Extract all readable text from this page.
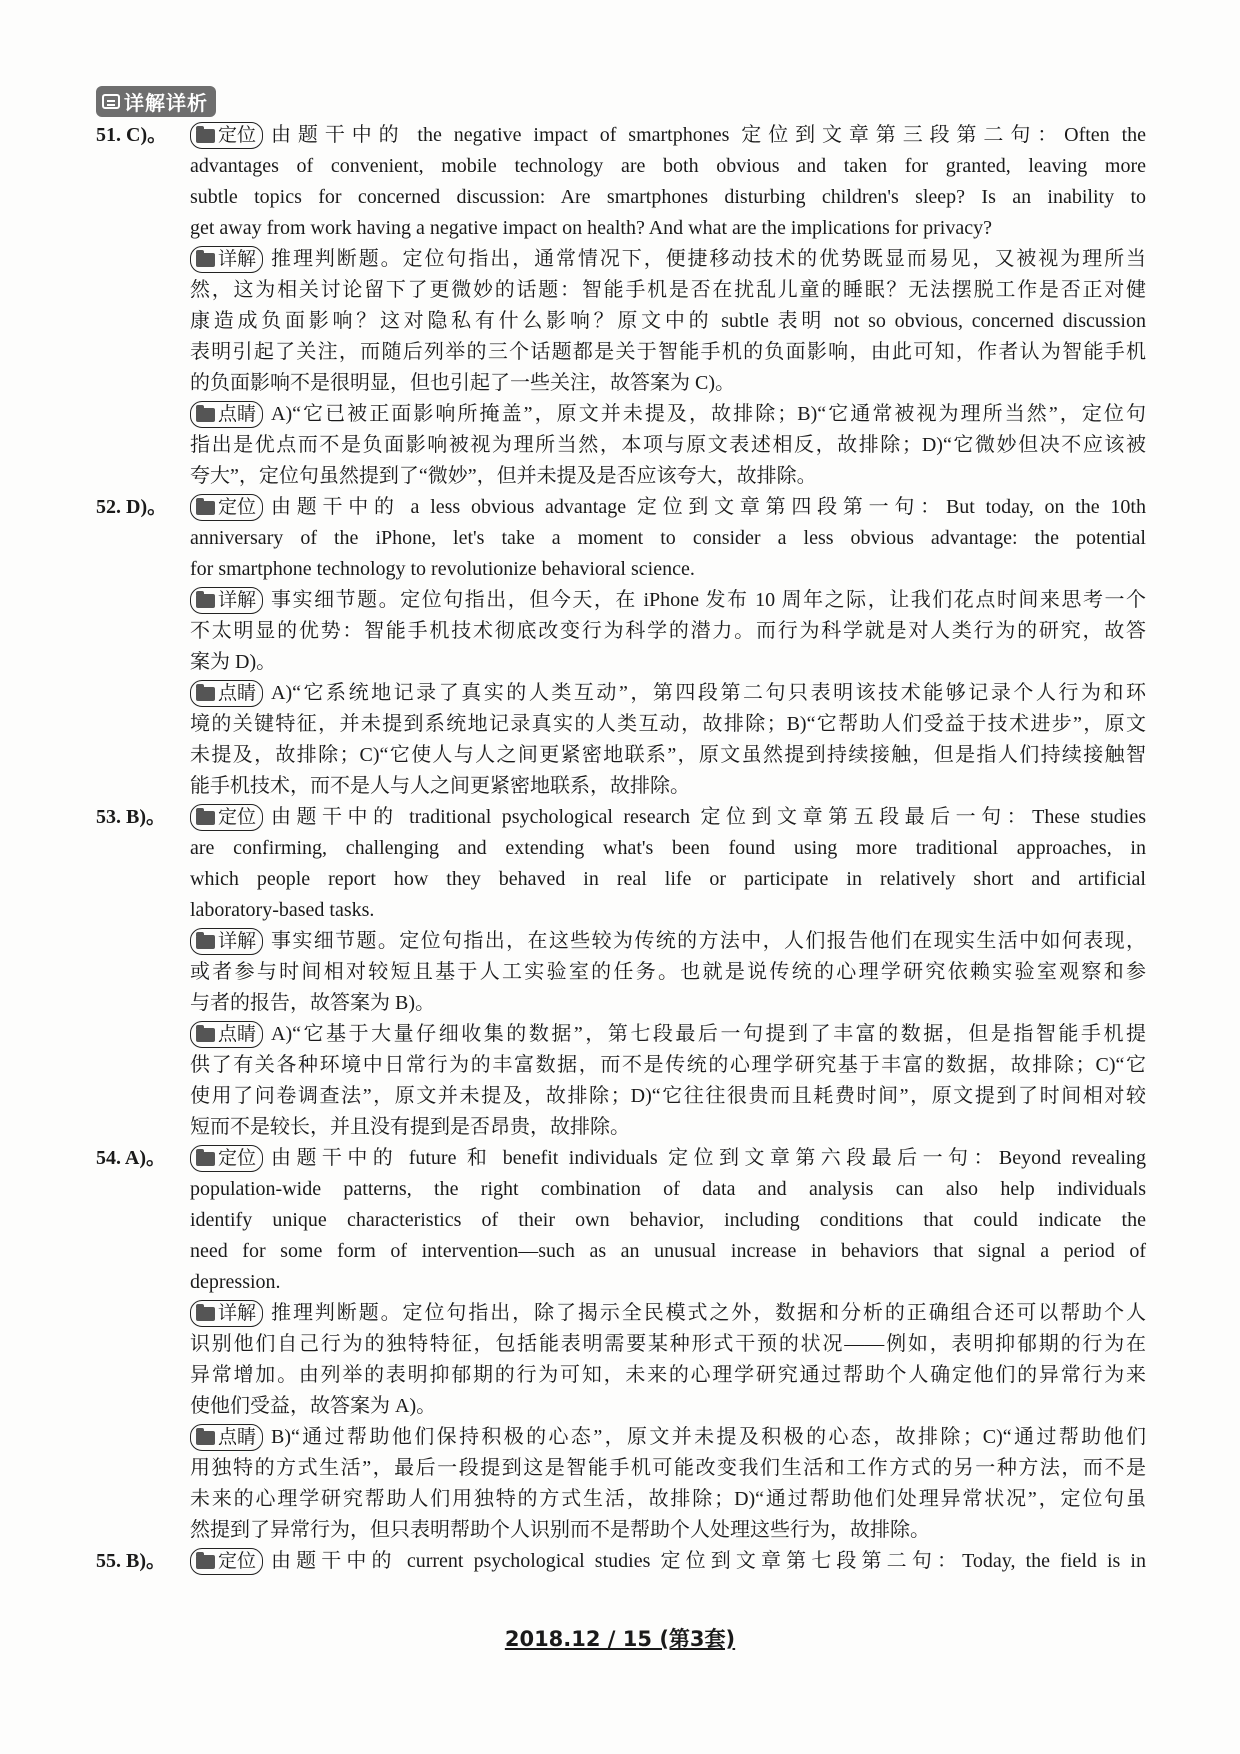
详解详析
51. C)。	定位 由题干中的 the negative impact of smartphones 定位到文章第三段第二句：Often the
advantages of convenient, mobile technology are both obvious and taken for granted, leaving more
subtle topics for concerned discussion: Are smartphones disturbing children's sleep? Is an inability to
get away from work having a negative impact on health? And what are the implications for privacy?
详解 推理判断题。定位句指出，通常情况下，便捷移动技术的优势既显而易见，又被视为理所当
然，这为相关讨论留下了更微妙的话题：智能手机是否在扰乱儿童的睡眠？无法摆脱工作是否正对健
康造成负面影响？这对隐私有什么影响？原文中的 subtle 表明 not so obvious, concerned discussion
表明引起了关注，而随后列举的三个话题都是关于智能手机的负面影响，由此可知，作者认为智能手机
的负面影响不是很明显，但也引起了一些关注，故答案为 C)。
点睛 A)“它已被正面影响所掩盖”，原文并未提及，故排除；B)“它通常被视为理所当然”，定位句
指出是优点而不是负面影响被视为理所当然，本项与原文表述相反，故排除；D)“它微妙但决不应该被
夸大”，定位句虽然提到了“微妙”，但并未提及是否应该夸大，故排除。
52. D)。	定位 由题干中的 a less obvious advantage 定位到文章第四段第一句：But today, on the 10th
anniversary of the iPhone, let's take a moment to consider a less obvious advantage: the potential
for smartphone technology to revolutionize behavioral science.
详解 事实细节题。定位句指出，但今天，在 iPhone 发布 10 周年之际，让我们花点时间来思考一个
不太明显的优势：智能手机技术彻底改变行为科学的潜力。而行为科学就是对人类行为的研究，故答
案为 D)。
点睛 A)“它系统地记录了真实的人类互动”，第四段第二句只表明该技术能够记录个人行为和环
境的关键特征，并未提到系统地记录真实的人类互动，故排除；B)“它帮助人们受益于技术进步”，原文
未提及，故排除；C)“它使人与人之间更紧密地联系”，原文虽然提到持续接触，但是指人们持续接触智
能手机技术，而不是人与人之间更紧密地联系，故排除。
53. B)。	定位 由题干中的 traditional psychological research 定位到文章第五段最后一句：These studies
are confirming, challenging and extending what's been found using more traditional approaches, in
which people report how they behaved in real life or participate in relatively short and artificial
laboratory-based tasks.
详解 事实细节题。定位句指出，在这些较为传统的方法中，人们报告他们在现实生活中如何表现，
或者参与时间相对较短且基于人工实验室的任务。也就是说传统的心理学研究依赖实验室观察和参
与者的报告，故答案为 B)。
点睛 A)“它基于大量仔细收集的数据”，第七段最后一句提到了丰富的数据，但是指智能手机提
供了有关各种环境中日常行为的丰富数据，而不是传统的心理学研究基于丰富的数据，故排除；C)“它
使用了问卷调查法”，原文并未提及，故排除；D)“它往往很贵而且耗费时间”，原文提到了时间相对较
短而不是较长，并且没有提到是否昂贵，故排除。
54. A)。	定位 由题干中的 future 和 benefit individuals 定位到文章第六段最后一句：Beyond revealing
population-wide patterns, the right combination of data and analysis can also help individuals
identify unique characteristics of their own behavior, including conditions that could indicate the
need for some form of intervention—such as an unusual increase in behaviors that signal a period of
depression.
详解 推理判断题。定位句指出，除了揭示全民模式之外，数据和分析的正确组合还可以帮助个人
识别他们自己行为的独特特征，包括能表明需要某种形式干预的状况——例如，表明抑郁期的行为在
异常增加。由列举的表明抑郁期的行为可知，未来的心理学研究通过帮助个人确定他们的异常行为来
使他们受益，故答案为 A)。
点睛 B)“通过帮助他们保持积极的心态”，原文并未提及积极的心态，故排除；C)“通过帮助他们
用独特的方式生活”，最后一段提到这是智能手机可能改变我们生活和工作方式的另一种方法，而不是
未来的心理学研究帮助人们用独特的方式生活，故排除；D)“通过帮助他们处理异常状况”，定位句虽
然提到了异常行为，但只表明帮助个人识别而不是帮助个人处理这些行为，故排除。
55. B)。	定位 由题干中的 current psychological studies 定位到文章第七段第二句：Today, the field is in
2018.12 / 15 (第3套)
